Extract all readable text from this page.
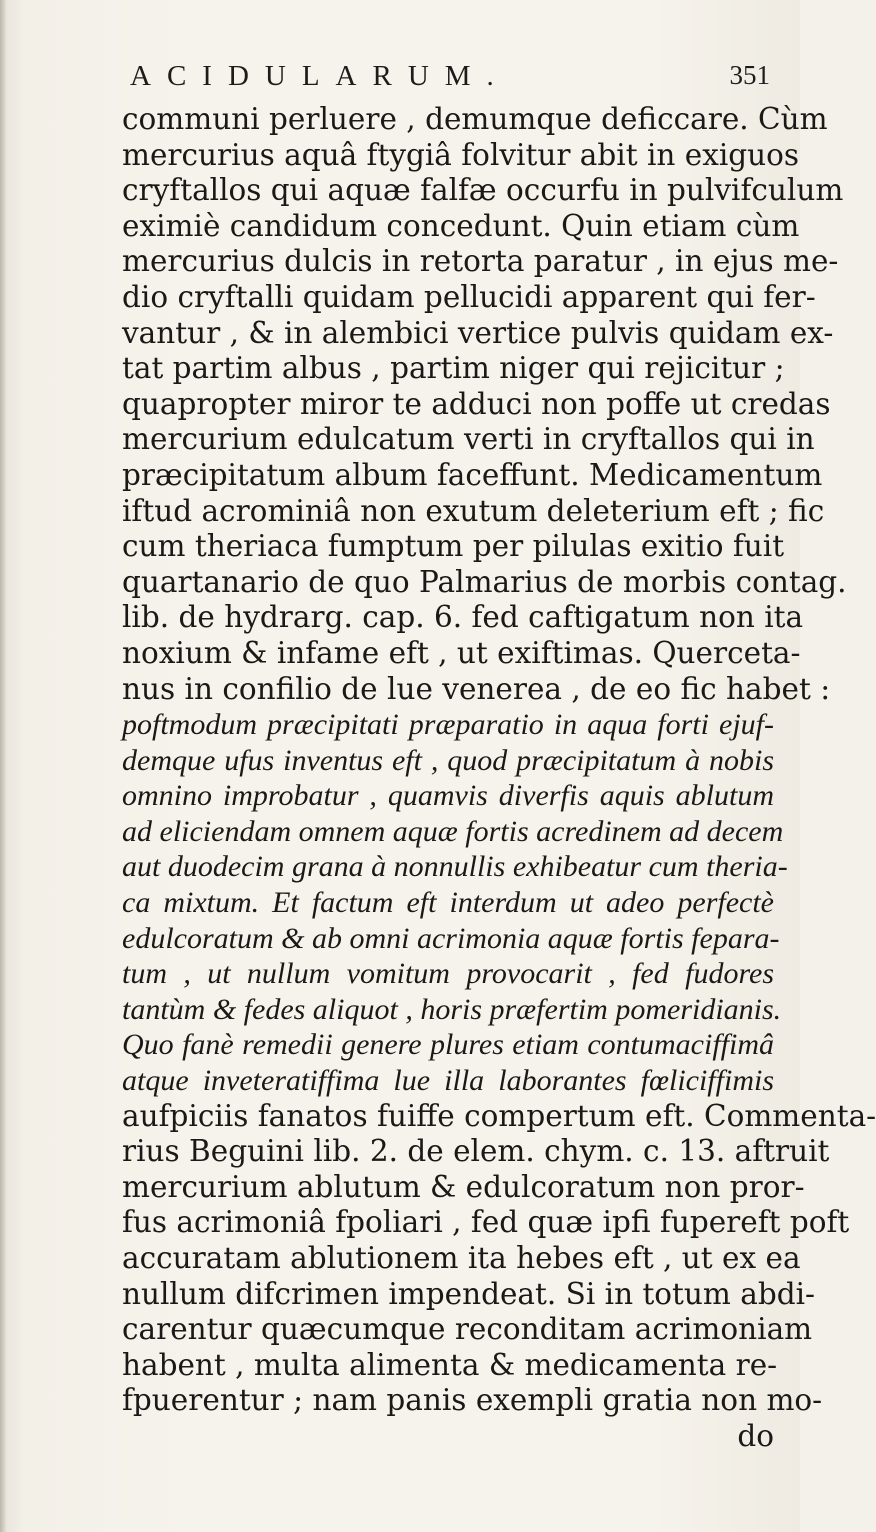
ACIDULARUM.	351
communi perluere , demumque deficcare. Cùm
mercurius aquâ ftygiâ folvitur abit in exiguos
cryftallos qui aquæ falfæ occurfu in pulvifculum
eximiè candidum concedunt. Quin etiam cùm
mercurius dulcis in retorta paratur , in ejus me-
dio cryftalli quidam pellucidi apparent qui fer-
vantur , & in alembici vertice pulvis quidam ex-
tat partim albus , partim niger qui rejicitur ;
quapropter miror te adduci non poffe ut credas
mercurium edulcatum verti in cryftallos qui in
præcipitatum album faceffunt. Medicamentum
iftud acrominiâ non exutum deleterium eft ; fic
cum theriaca fumptum per pilulas exitio fuit
quartanario de quo Palmarius de morbis contag.
lib. de hydrarg. cap. 6. fed caftigatum non ita
noxium & infame eft , ut exiftimas. Querceta-
nus in confilio de lue venerea , de eo fic habet :
poftmodum præcipitati præparatio in aqua forti ejuf-
demque ufus inventus eft , quod præcipitatum à nobis
omnino improbatur , quamvis diverfis aquis ablutum
ad eliciendam omnem aquæ fortis acredinem ad decem
aut duodecim grana à nonnullis exhibeatur cum theria-
ca mixtum. Et factum eft interdum ut adeo perfectè
edulcoratum & ab omni acrimonia aquæ fortis fepara-
tum , ut nullum vomitum provocarit , fed fudores
tantùm & fedes aliquot , horis præfertim pomeridianis.
Quo fanè remedii genere plures etiam contumaciffimâ
atque inveteratiffima lue illa laborantes fœliciffimis
aufpiciis fanatos fuiffe compertum eft. Commenta-
rius Beguini lib. 2. de elem. chym. c. 13. aftruit
mercurium ablutum & edulcoratum non pror-
fus acrimoniâ fpoliari , fed quæ ipfi fupereft poft
accuratam ablutionem ita hebes eft , ut ex ea
nullum difcrimen impendeat. Si in totum abdi-
carentur quæcumque reconditam acrimoniam
habent , multa alimenta & medicamenta re-
fpuerentur ; nam panis exempli gratia non mo-
do
